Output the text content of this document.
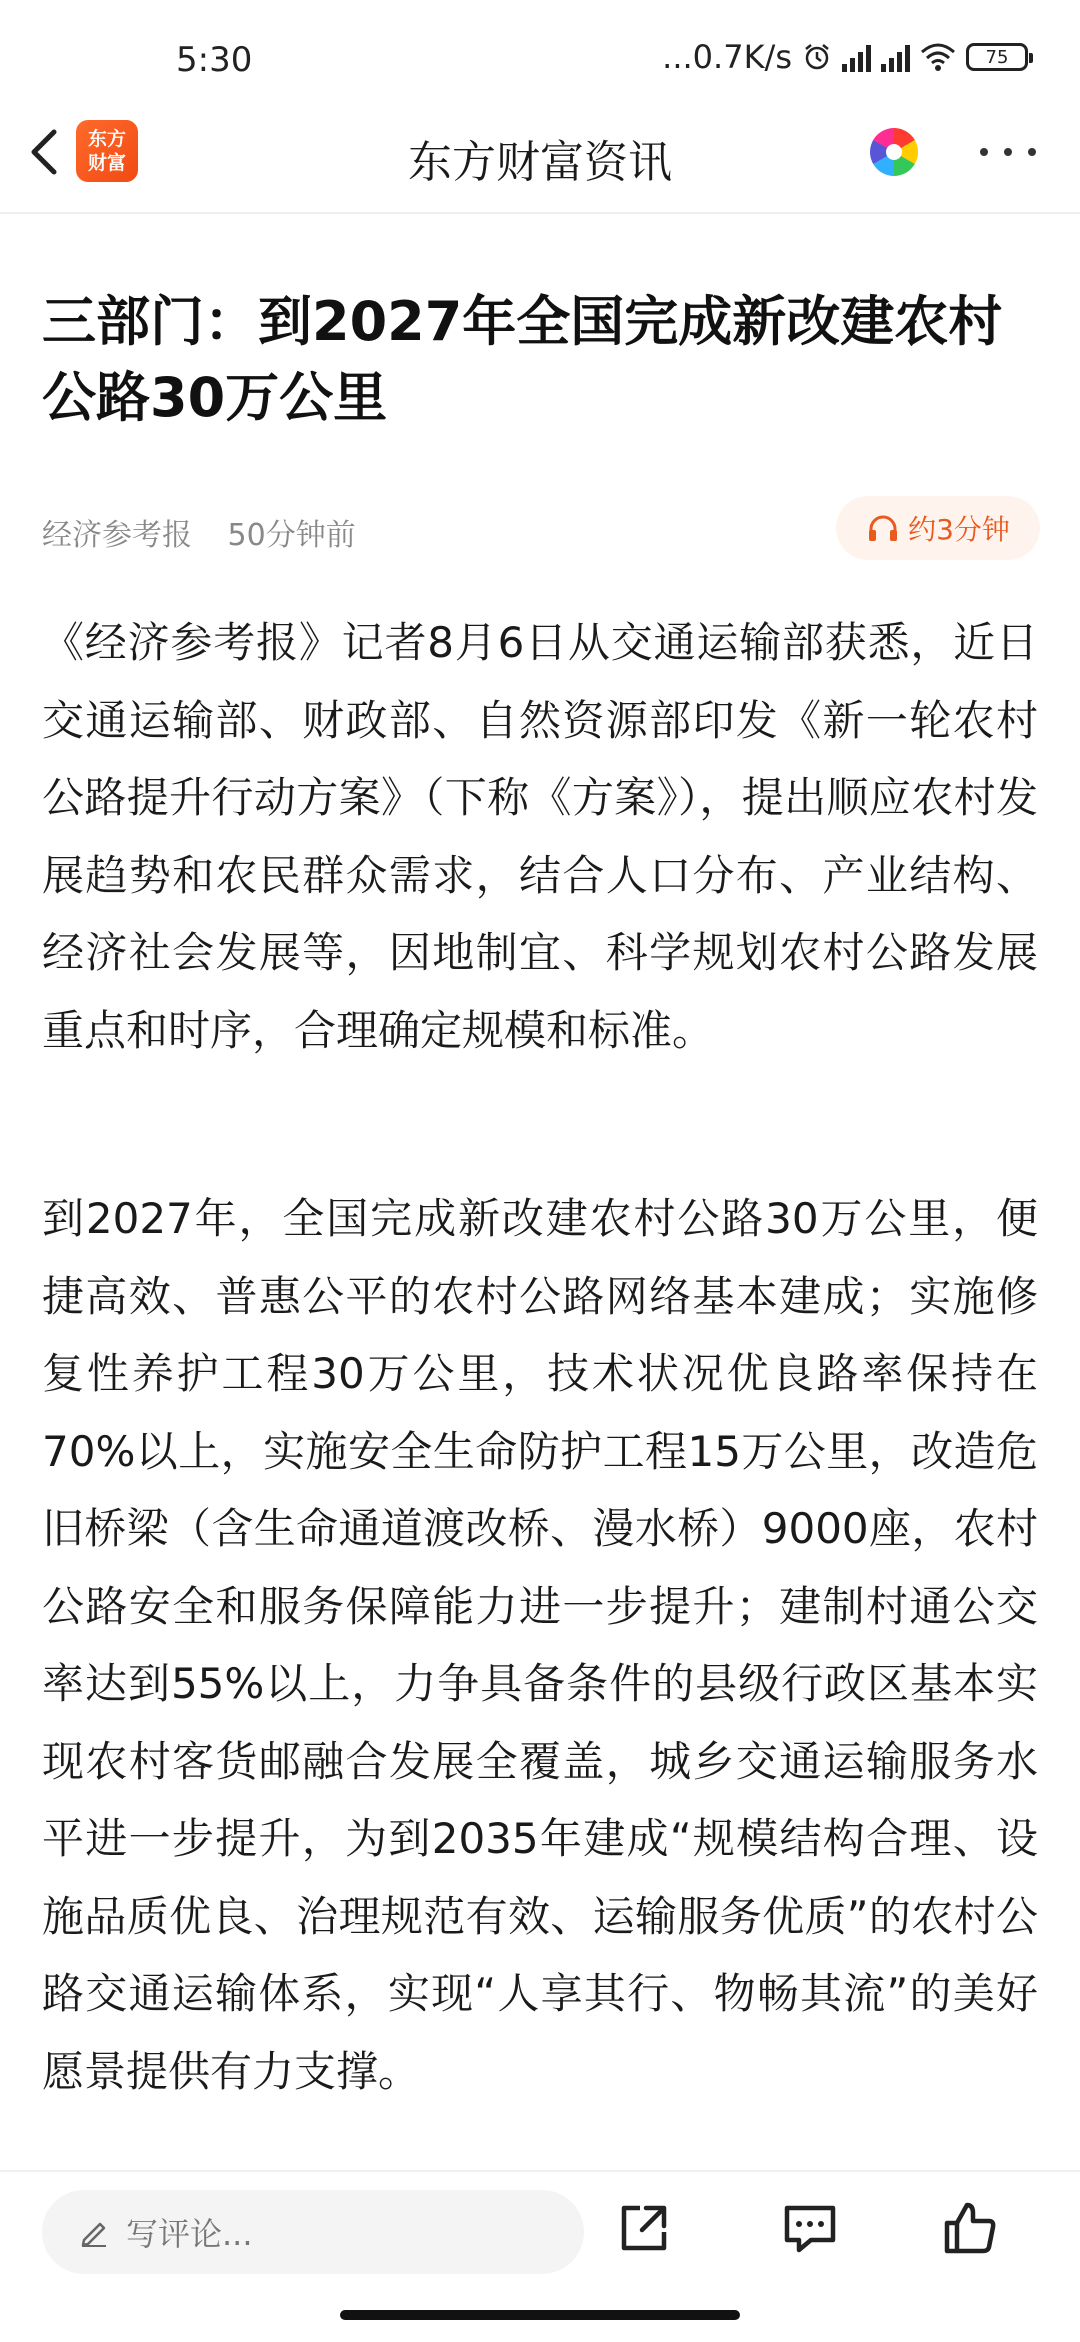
5:30	...0.7K/s	75
东方
财富	东方财富资讯
三部门：到2027年全国完成新改建农村公路30万公里
经济参考报 50分钟前	约3分钟

《经济参考报》记者8月6日从交通运输部获悉，近日交通运输部、财政部、自然资源部印发《新一轮农村公路提升行动方案》（下称《方案》），提出顺应农村发展趋势和农民群众需求，结合人口分布、产业结构、经济社会发展等，因地制宜、科学规划农村公路发展重点和时序，合理确定规模和标准。

到2027年，全国完成新改建农村公路30万公里，便捷高效、普惠公平的农村公路网络基本建成；实施修复性养护工程30万公里，技术状况优良路率保持在70%以上，实施安全生命防护工程15万公里，改造危旧桥梁（含生命通道渡改桥、漫水桥）9000座，农村公路安全和服务保障能力进一步提升；建制村通公交率达到55%以上，力争具备条件的县级行政区基本实现农村客货邮融合发展全覆盖，城乡交通运输服务水平进一步提升，为到2035年建成“规模结构合理、设施品质优良、治理规范有效、运输服务优质”的农村公路交通运输体系，实现“人享其行、物畅其流”的美好愿景提供有力支撑。

写评论...
